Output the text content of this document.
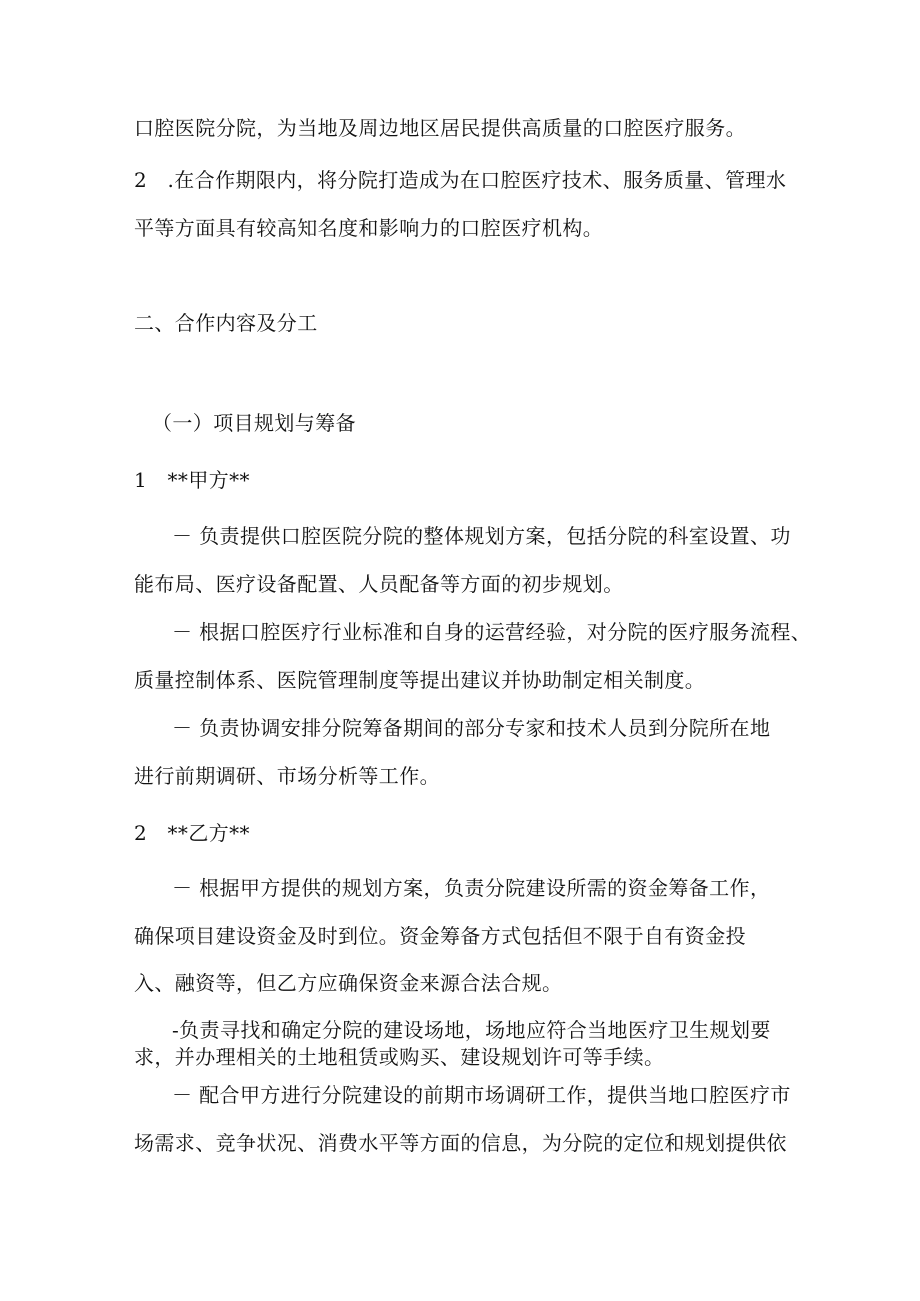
口腔医院分院，为当地及周边地区居民提供高质量的口腔医疗服务。
2　.在合作期限内，将分院打造成为在口腔医疗技术、服务质量、管理水
平等方面具有较高知名度和影响力的口腔医疗机构。
二、合作内容及分工
（一）项目规划与筹备
1　**甲方**
－ 负责提供口腔医院分院的整体规划方案，包括分院的科室设置、功
能布局、医疗设备配置、人员配备等方面的初步规划。
－ 根据口腔医疗行业标准和自身的运营经验，对分院的医疗服务流程、
质量控制体系、医院管理制度等提出建议并协助制定相关制度。
－ 负责协调安排分院筹备期间的部分专家和技术人员到分院所在地
进行前期调研、市场分析等工作。
2　**乙方**
－ 根据甲方提供的规划方案，负责分院建设所需的资金筹备工作，
确保项目建设资金及时到位。资金筹备方式包括但不限于自有资金投
入、融资等，但乙方应确保资金来源合法合规。
-负责寻找和确定分院的建设场地，场地应符合当地医疗卫生规划要
求，并办理相关的土地租赁或购买、建设规划许可等手续。
－ 配合甲方进行分院建设的前期市场调研工作，提供当地口腔医疗市
场需求、竞争状况、消费水平等方面的信息，为分院的定位和规划提供依
